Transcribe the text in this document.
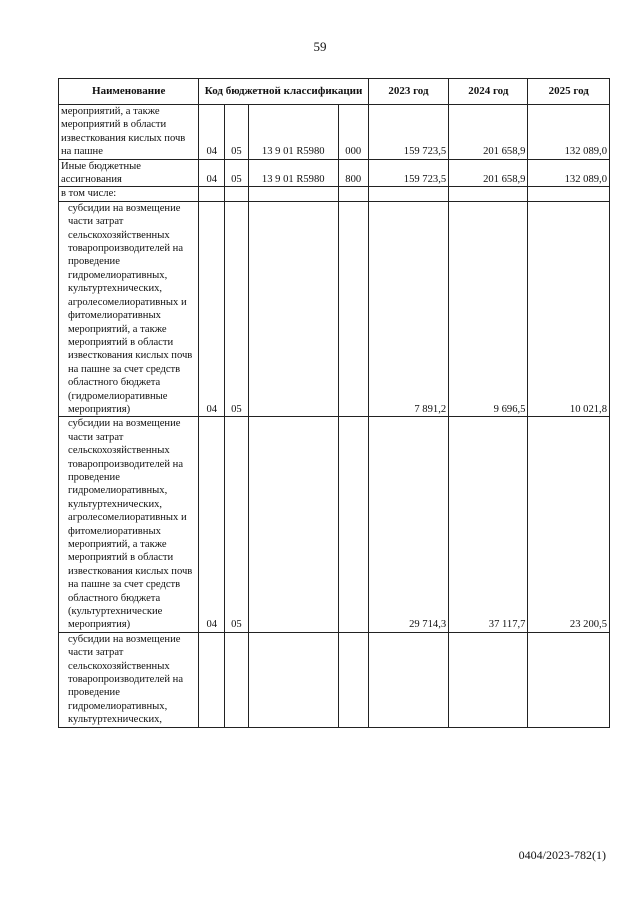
59
Наименование	Код бюджетной классификации				2023 год	2024 год	2025 год
мероприятий, а также мероприятий в области известкования кислых почв на пашне	04	05	13 9 01 R5980	000	159 723,5	201 658,9	132 089,0
Иные бюджетные ассигнования	04	05	13 9 01 R5980	800	159 723,5	201 658,9	132 089,0
в том числе:							
субсидии на возмещение части затрат сельскохозяйственных товаропроизводителей на проведение гидромелиоративных, культуртехнических, агролесомелиоративных и фитомелиоративных мероприятий, а также мероприятий в области известкования кислых почв на пашне за счет средств областного бюджета (гидромелиоративные мероприятия)	04	05			7 891,2	9 696,5	10 021,8
субсидии на возмещение части затрат сельскохозяйственных товаропроизводителей на проведение гидромелиоративных, культуртехнических, агролесомелиоративных и фитомелиоративных мероприятий, а также мероприятий в области известкования кислых почв на пашне за счет средств областного бюджета (культуртехнические мероприятия)	04	05			29 714,3	37 117,7	23 200,5
субсидии на возмещение части затрат сельскохозяйственных товаропроизводителей на проведение гидромелиоративных, культуртехнических,							
0404/2023-782(1)
